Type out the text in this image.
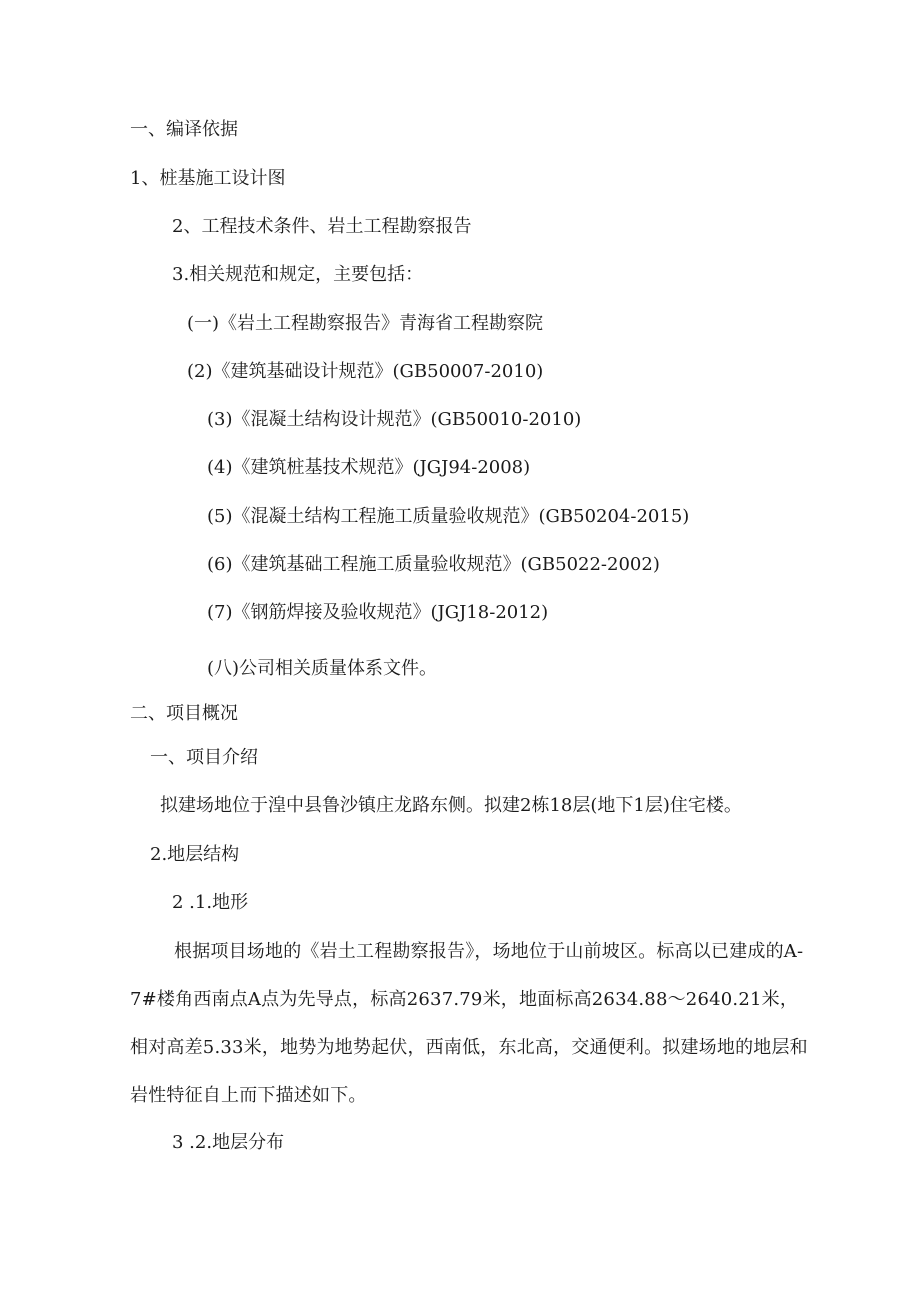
一、编译依据
1、桩基施工设计图
2、工程技术条件、岩土工程勘察报告
3.相关规范和规定，主要包括：
(一)《岩土工程勘察报告》青海省工程勘察院
(2)《建筑基础设计规范》(GB50007-2010)
(3)《混凝土结构设计规范》(GB50010-2010)
(4)《建筑桩基技术规范》(JGJ94-2008)
(5)《混凝土结构工程施工质量验收规范》(GB50204-2015)
(6)《建筑基础工程施工质量验收规范》(GB5022-2002)
(7)《钢筋焊接及验收规范》(JGJ18-2012)
(八)公司相关质量体系文件。
二、项目概况
一、项目介绍
拟建场地位于湟中县鲁沙镇庄龙路东侧。拟建2栋18层(地下1层)住宅楼。
2.地层结构
2 .1.地形
根据项目场地的《岩土工程勘察报告》，场地位于山前坡区。标高以已建成的A-7#楼角西南点A点为先导点，标高2637.79米，地面标高2634.88～2640.21米，相对高差5.33米，地势为地势起伏，西南低，东北高，交通便利。拟建场地的地层和岩性特征自上而下描述如下。
3 .2.地层分布
